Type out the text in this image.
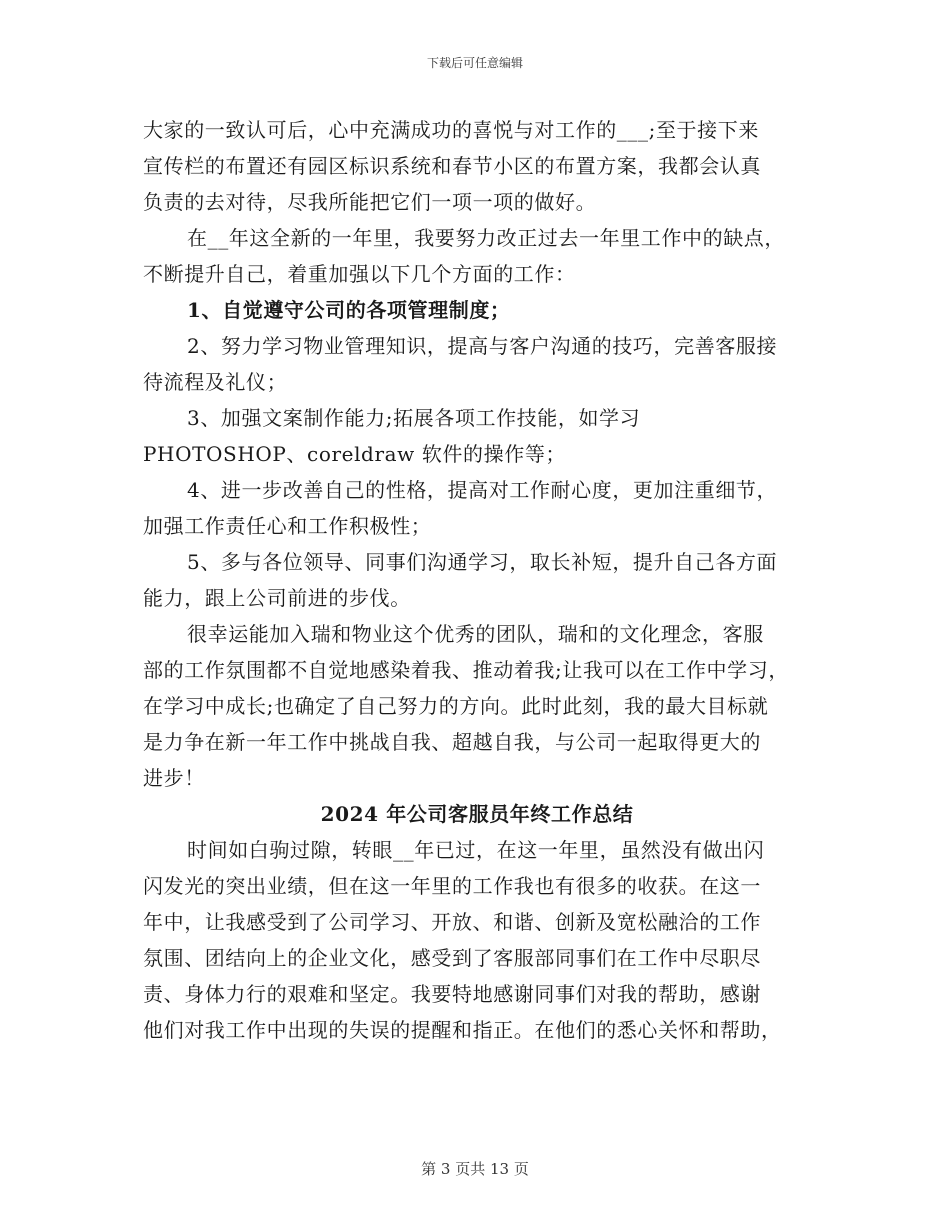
下载后可任意编辑
大家的一致认可后，心中充满成功的喜悦与对工作的___;至于接下来
宣传栏的布置还有园区标识系统和春节小区的布置方案，我都会认真
负责的去对待，尽我所能把它们一项一项的做好。
在__年这全新的一年里，我要努力改正过去一年里工作中的缺点，
不断提升自己，着重加强以下几个方面的工作：
1、自觉遵守公司的各项管理制度；
2、努力学习物业管理知识，提高与客户沟通的技巧，完善客服接
待流程及礼仪；
3、加强文案制作能力;拓展各项工作技能，如学习
PHOTOSHOP、coreldraw 软件的操作等；
4、进一步改善自己的性格，提高对工作耐心度，更加注重细节，
加强工作责任心和工作积极性；
5、多与各位领导、同事们沟通学习，取长补短，提升自己各方面
能力，跟上公司前进的步伐。
很幸运能加入瑞和物业这个优秀的团队，瑞和的文化理念，客服
部的工作氛围都不自觉地感染着我、推动着我;让我可以在工作中学习，
在学习中成长;也确定了自己努力的方向。此时此刻，我的最大目标就
是力争在新一年工作中挑战自我、超越自我，与公司一起取得更大的
进步！
2024 年公司客服员年终工作总结
时间如白驹过隙，转眼__年已过，在这一年里，虽然没有做出闪
闪发光的突出业绩，但在这一年里的工作我也有很多的收获。在这一
年中，让我感受到了公司学习、开放、和谐、创新及宽松融洽的工作
氛围、团结向上的企业文化，感受到了客服部同事们在工作中尽职尽
责、身体力行的艰难和坚定。我要特地感谢同事们对我的帮助，感谢
他们对我工作中出现的失误的提醒和指正。在他们的悉心关怀和帮助，
第 3 页共 13 页
